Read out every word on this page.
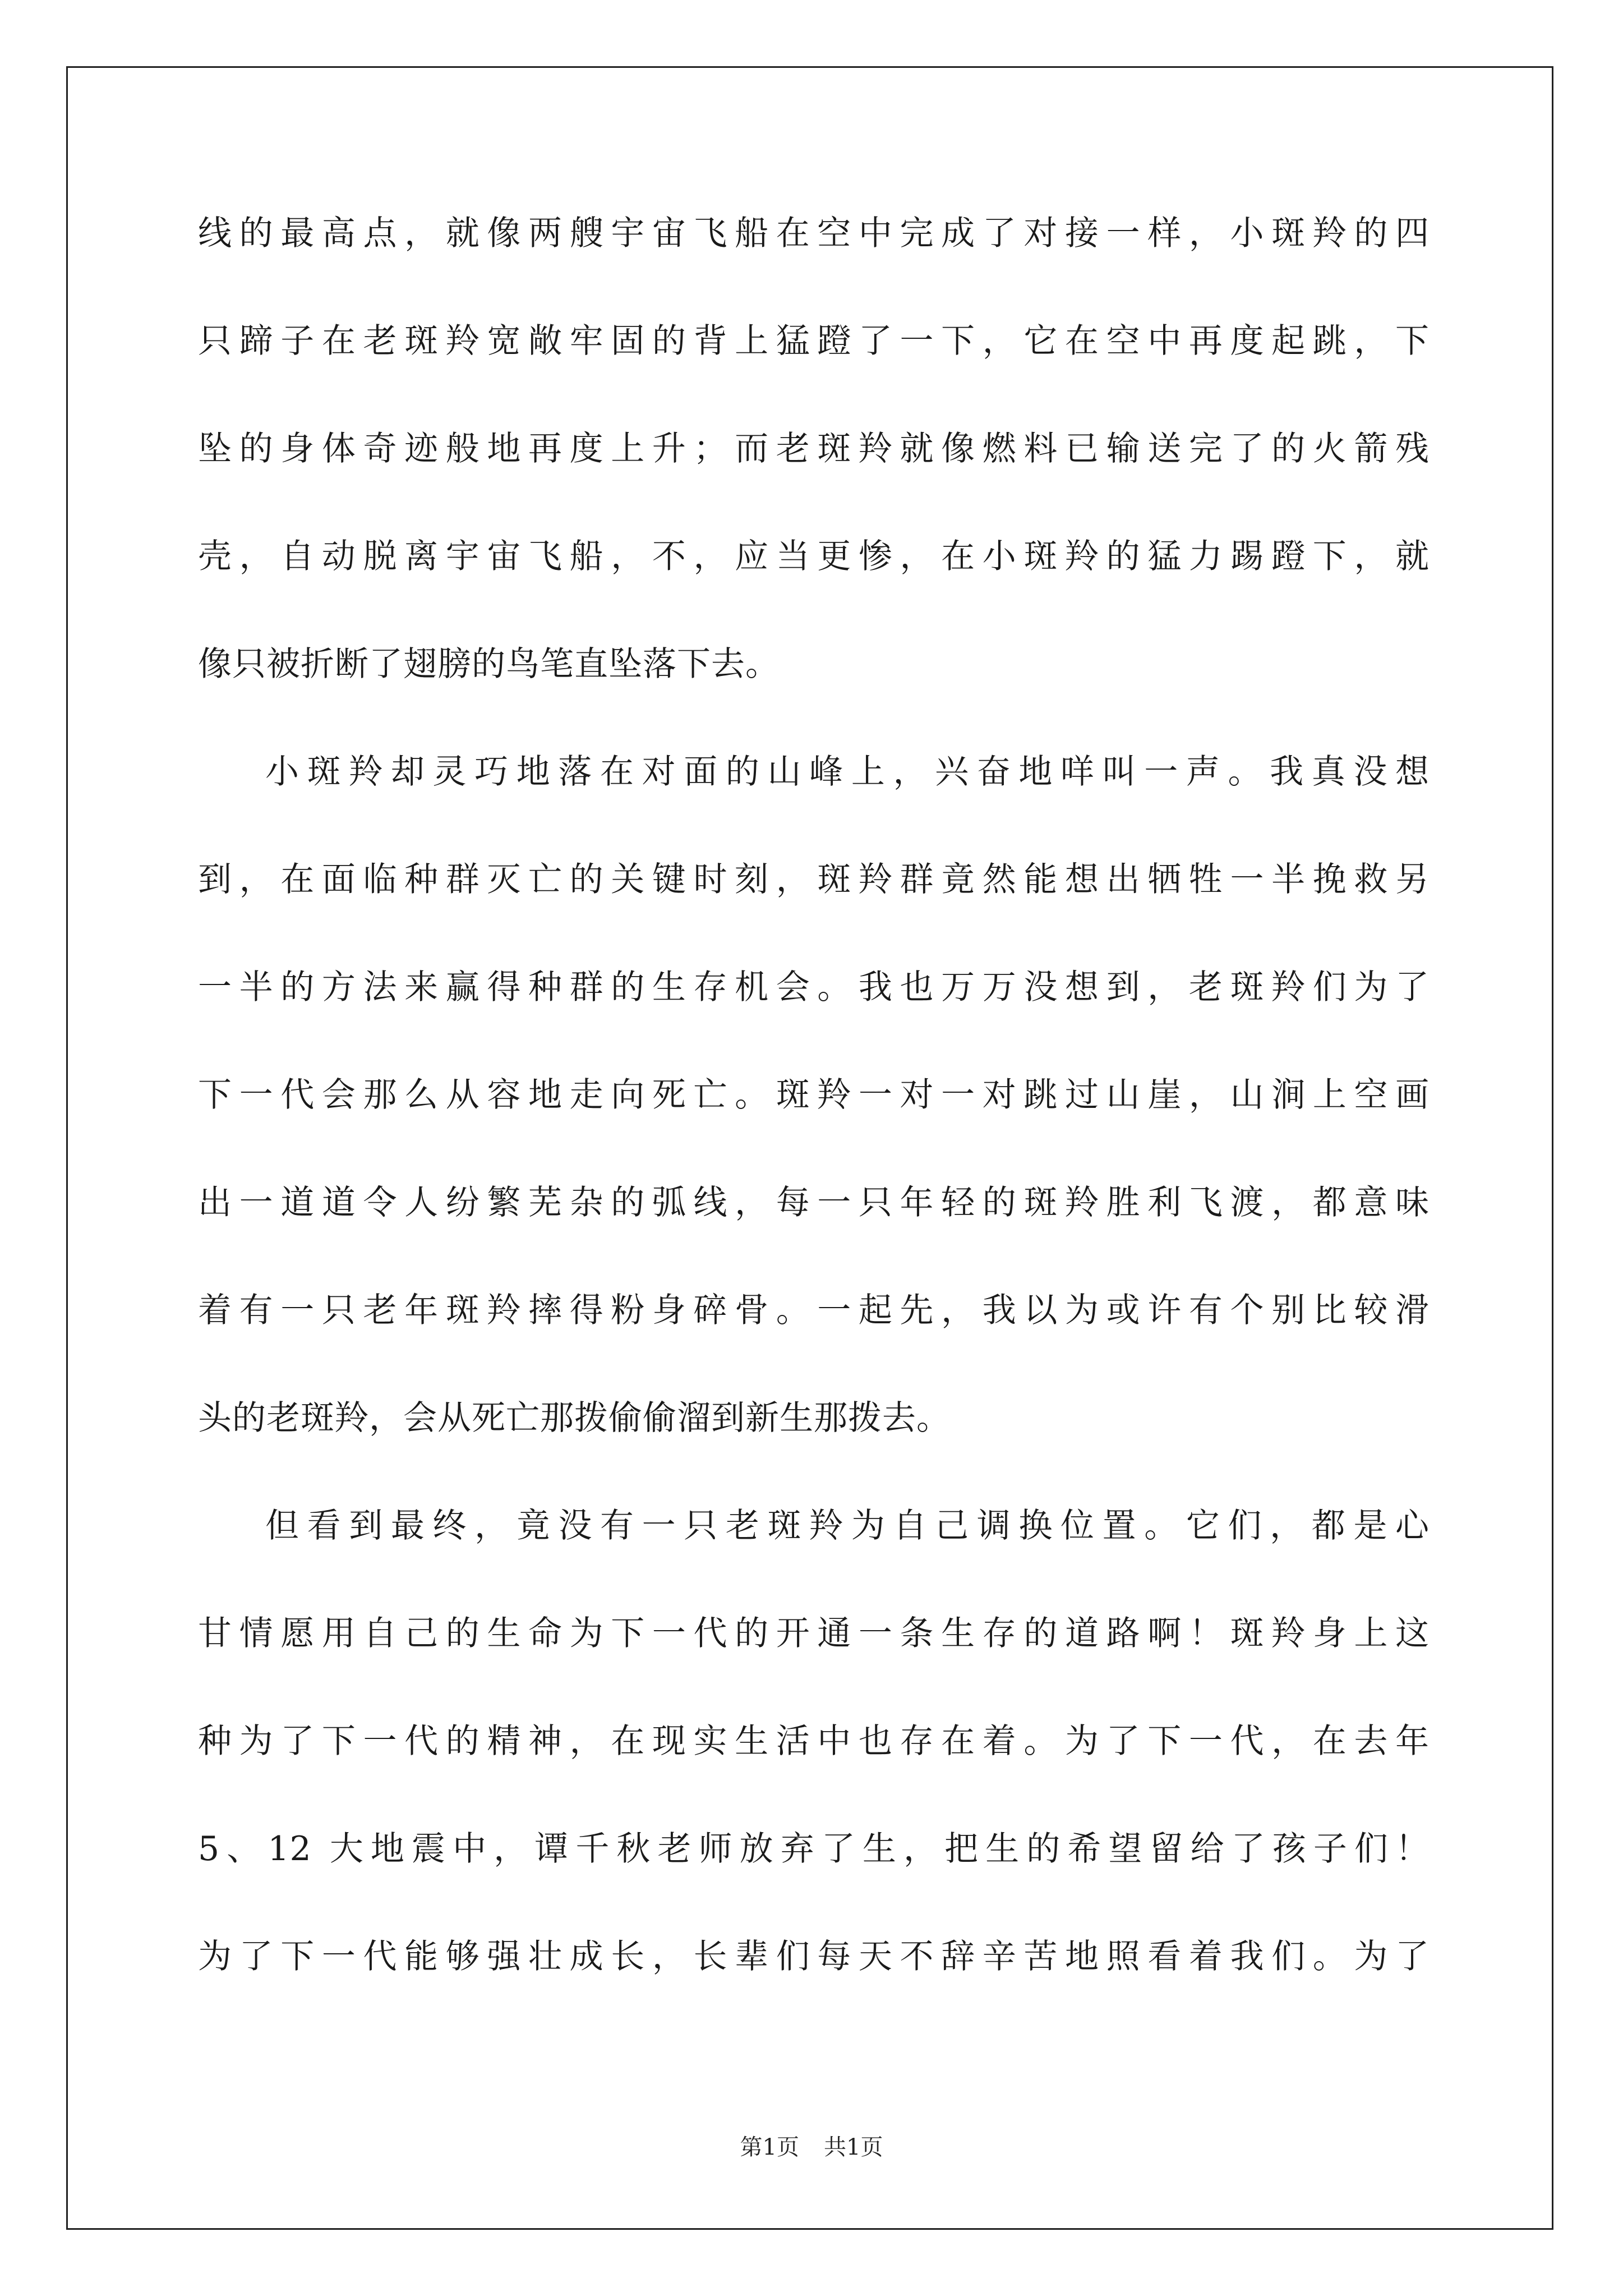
线的最高点，就像两艘宇宙飞船在空中完成了对接一样，小斑羚的四
只蹄子在老斑羚宽敞牢固的背上猛蹬了一下，它在空中再度起跳，下
坠的身体奇迹般地再度上升；而老斑羚就像燃料已输送完了的火箭残
壳，自动脱离宇宙飞船，不，应当更惨，在小斑羚的猛力踢蹬下，就
像只被折断了翅膀的鸟笔直坠落下去。

小斑羚却灵巧地落在对面的山峰上，兴奋地咩叫一声。我真没想
到，在面临种群灭亡的关键时刻，斑羚群竟然能想出牺牲一半挽救另
一半的方法来赢得种群的生存机会。我也万万没想到，老斑羚们为了
下一代会那么从容地走向死亡。斑羚一对一对跳过山崖，山涧上空画
出一道道令人纷繁芜杂的弧线，每一只年轻的斑羚胜利飞渡，都意味
着有一只老年斑羚摔得粉身碎骨。一起先，我以为或许有个别比较滑
头的老斑羚，会从死亡那拨偷偷溜到新生那拨去。

但看到最终，竟没有一只老斑羚为自己调换位置。它们，都是心
甘情愿用自己的生命为下一代的开通一条生存的道路啊！斑羚身上这
种为了下一代的精神，在现实生活中也存在着。为了下一代，在去年
5、12 大地震中，谭千秋老师放弃了生，把生的希望留给了孩子们！
为了下一代能够强壮成长，长辈们每天不辞辛苦地照看着我们。为了

第1页 共1页
